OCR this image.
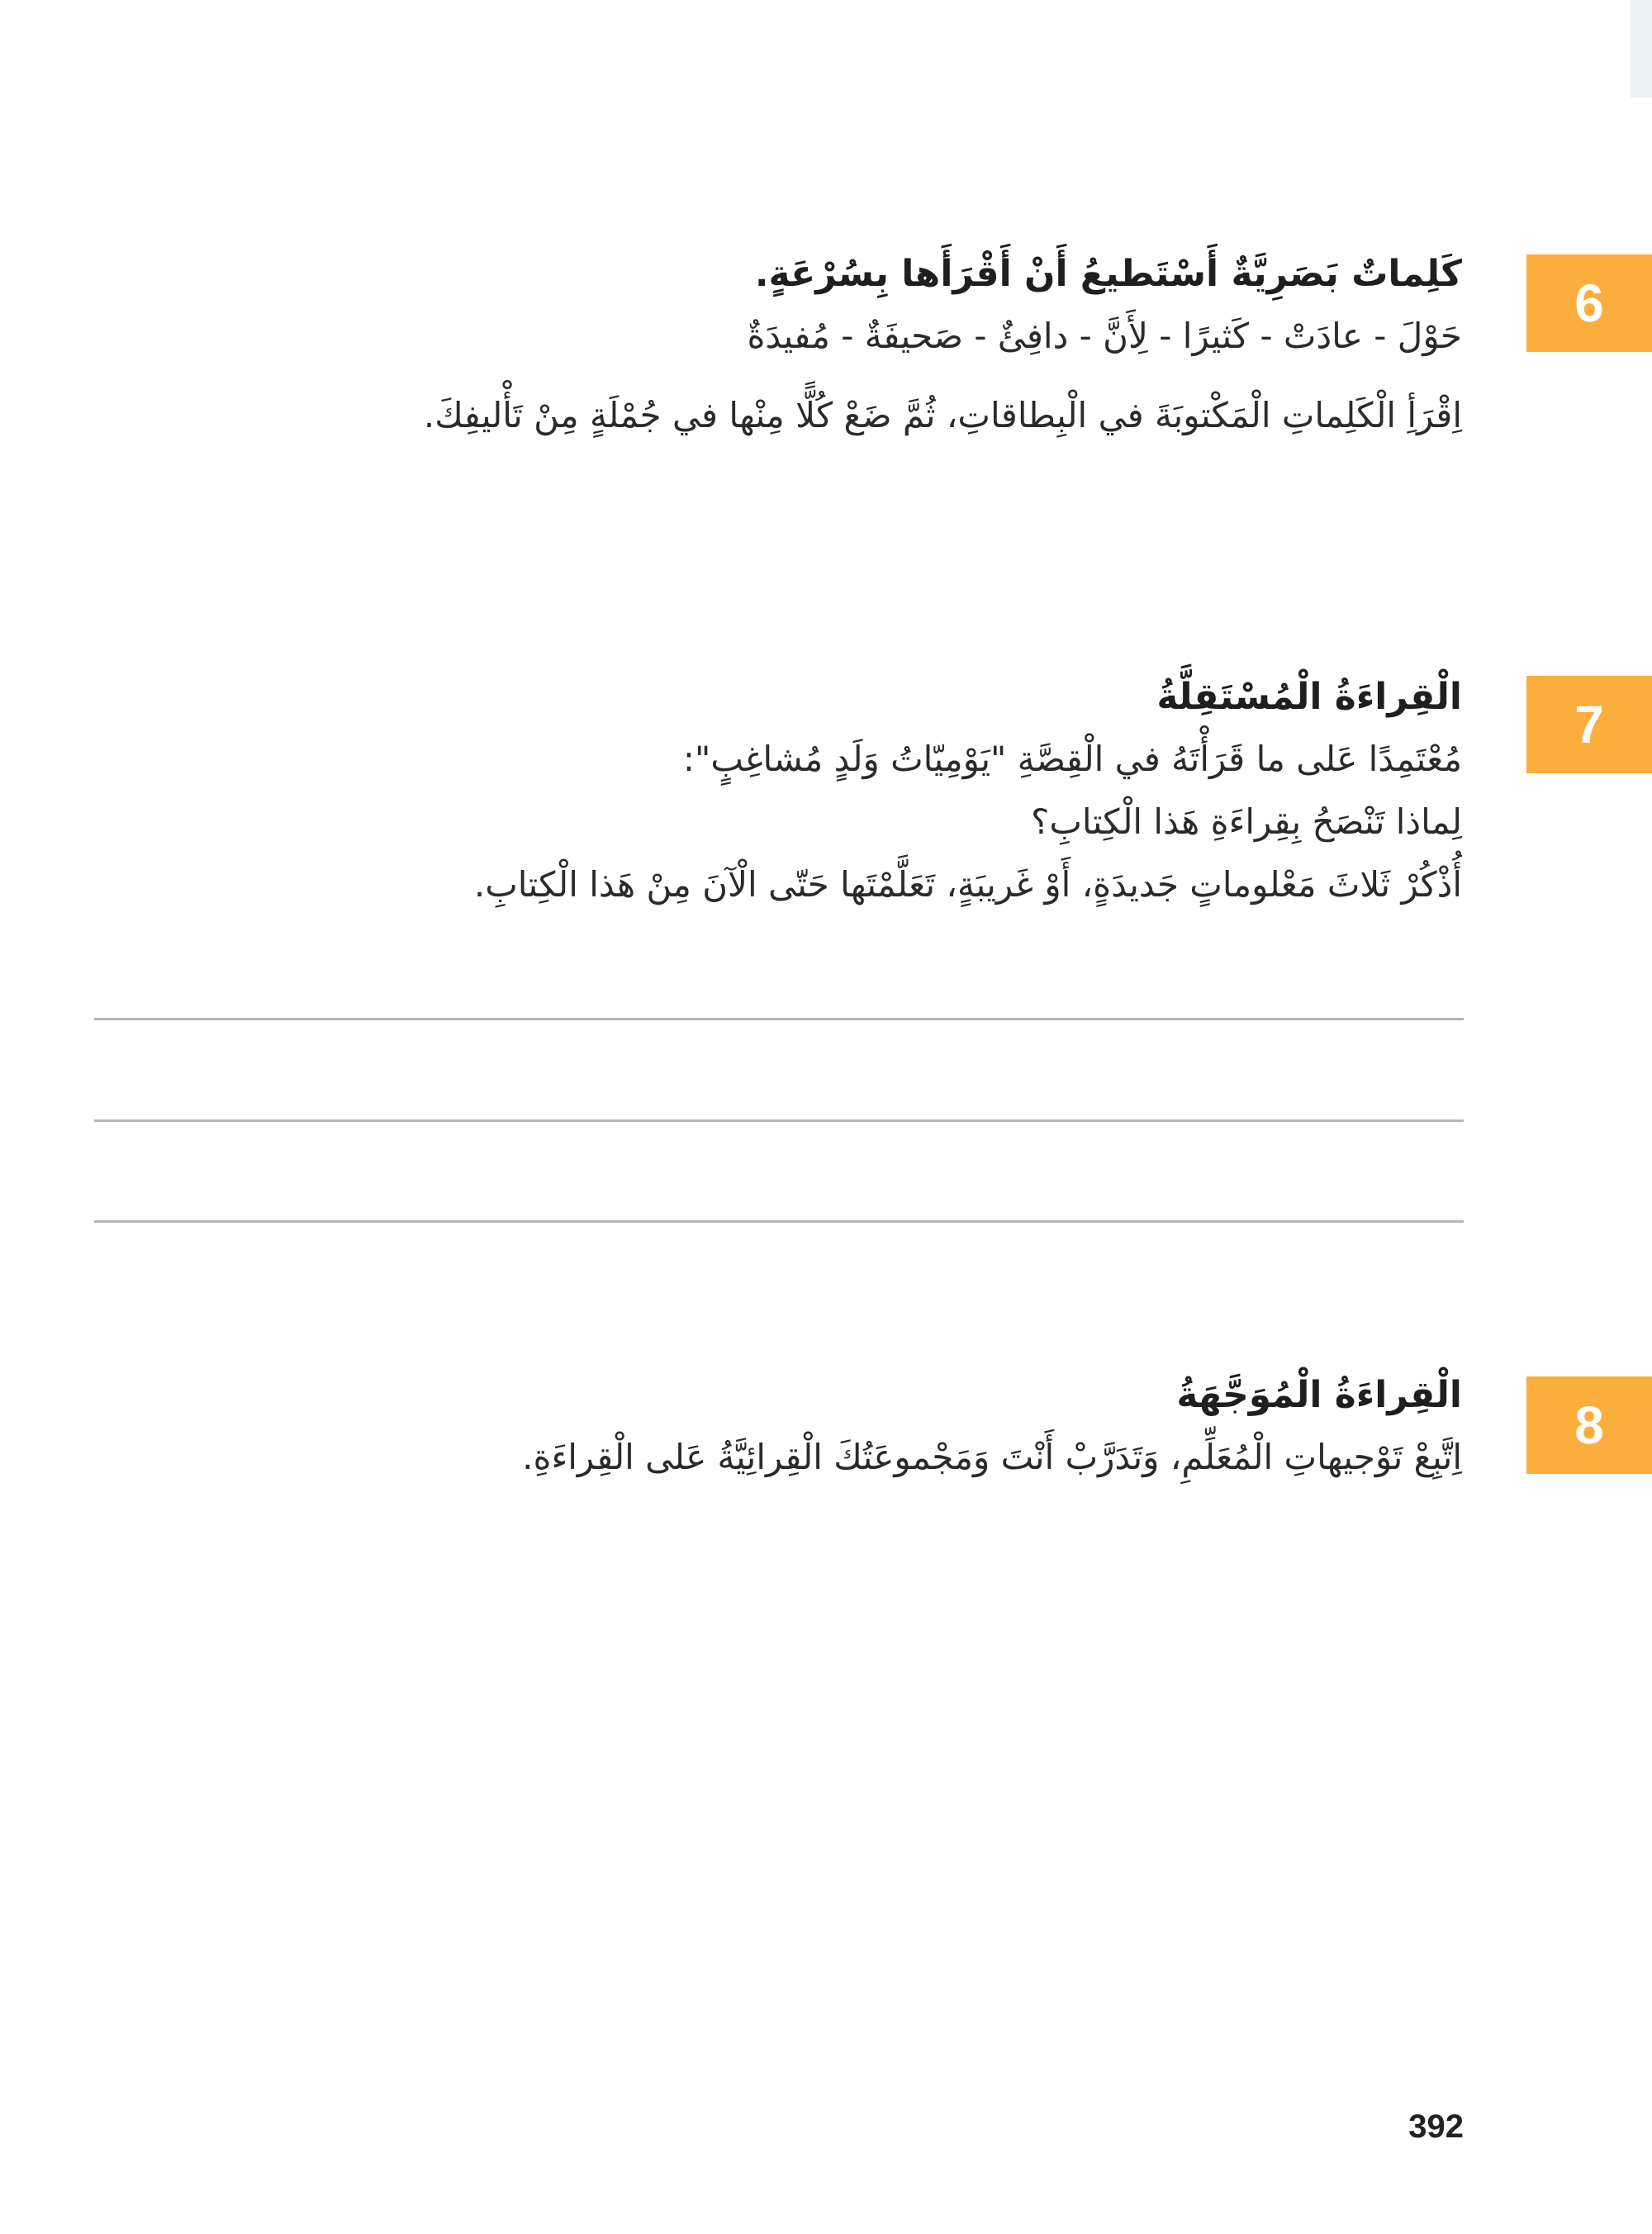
6
كَلِماتٌ بَصَرِيَّةٌ أَسْتَطيعُ أَنْ أَقْرَأَها بِسُرْعَةٍ.
حَوْلَ - عادَتْ - كَثيرًا - لِأَنَّ - دافِئٌ - صَحيفَةٌ - مُفيدَةٌ
اِقْرَأِ الْكَلِماتِ الْمَكْتوبَةَ في الْبِطاقاتِ، ثُمَّ ضَعْ كُلًّا مِنْها في جُمْلَةٍ مِنْ تَأْليفِكَ.
7
الْقِراءَةُ الْمُسْتَقِلَّةُ
مُعْتَمِدًا عَلى ما قَرَأْتَهُ في الْقِصَّةِ "يَوْمِيّاتُ وَلَدٍ مُشاغِبٍ":
لِماذا تَنْصَحُ بِقِراءَةِ هَذا الْكِتابِ؟
أُذْكُرْ ثَلاثَ مَعْلوماتٍ جَديدَةٍ، أَوْ غَريبَةٍ، تَعَلَّمْتَها حَتّى الْآنَ مِنْ هَذا الْكِتابِ.
8
الْقِراءَةُ الْمُوَجَّهَةُ
اِتَّبِعْ تَوْجيهاتِ الْمُعَلِّمِ، وَتَدَرَّبْ أَنْتَ وَمَجْموعَتُكَ الْقِرائِيَّةُ عَلى الْقِراءَةِ.
392
